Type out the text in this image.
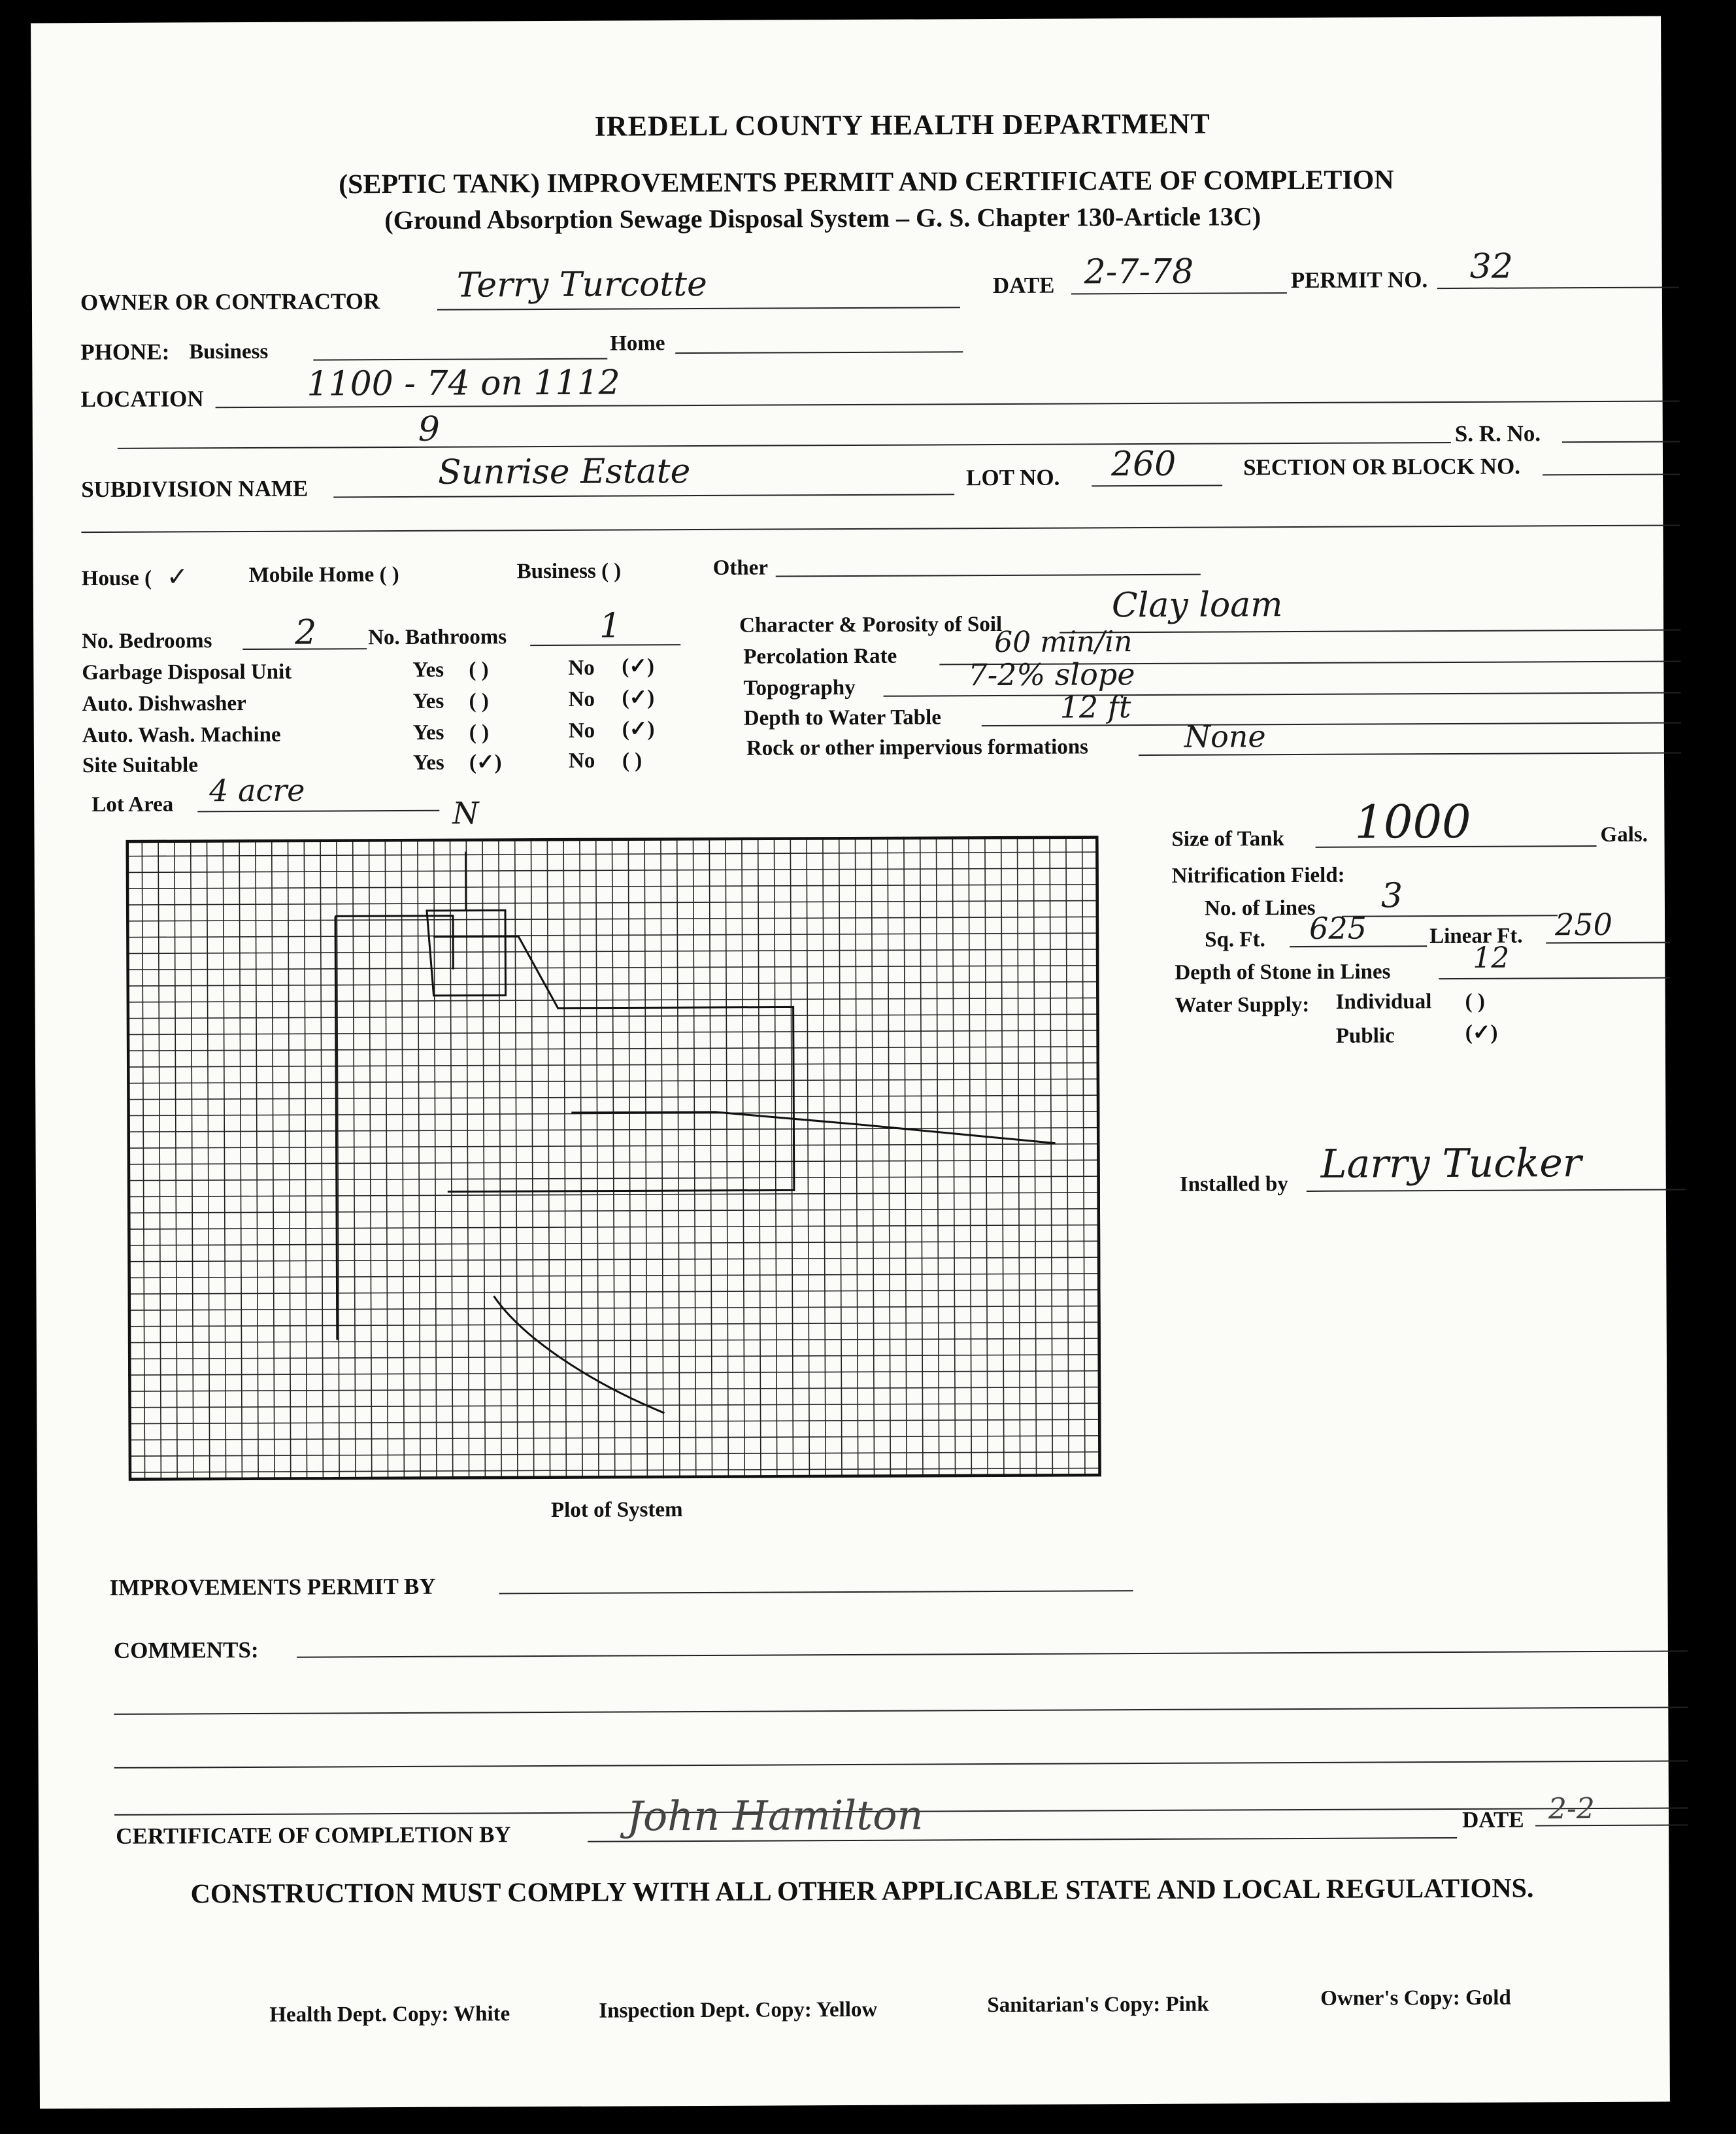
IREDELL COUNTY HEALTH DEPARTMENT
(SEPTIC TANK) IMPROVEMENTS PERMIT AND CERTIFICATE OF COMPLETION
(Ground Absorption Sewage Disposal System – G. S. Chapter 130-Article 13C)
OWNER OR CONTRACTOR Terry Turcotte	DATE 2-7-78	PERMIT NO. 32
PHONE: Business	Home
LOCATION	1100 - 74 on 1112
9	S. R. No.
SUBDIVISION NAME	Sunrise Estate	LOT NO. 260	SECTION OR BLOCK NO.
House ( ✓	Mobile Home ( )	Business ( )	Other
No. Bedrooms 2 No. Bathrooms	1
Garbage Disposal Unit	Yes ( )	No (✓)
Auto. Dishwasher	Yes ( )	No (✓)
Auto. Wash. Machine	Yes ( )	No (✓)
Site Suitable	Yes (✓)	No ( )
Lot Area 4 acre
Character & Porosity of Soil	Clay loam
Percolation Rate	60 min/in
Topography	7-2% slope
Depth to Water Table	12 ft
Rock or other impervious formations	None
N
Plot of System
Size of Tank 1000	Gals.
Nitrification Field:
No. of Lines 3
Sq. Ft. 625	Linear Ft. 250
Depth of Stone in Lines	12
Water Supply: Individual ( )
Public	(✓)
Installed by Larry Tucker
IMPROVEMENTS PERMIT BY
COMMENTS:
CERTIFICATE OF COMPLETION BY	John Hamilton	DATE 2-2
CONSTRUCTION MUST COMPLY WITH ALL OTHER APPLICABLE STATE AND LOCAL REGULATIONS.
Health Dept. Copy: White	Inspection Dept. Copy: Yellow	Sanitarian's Copy: Pink	Owner's Copy: Gold
